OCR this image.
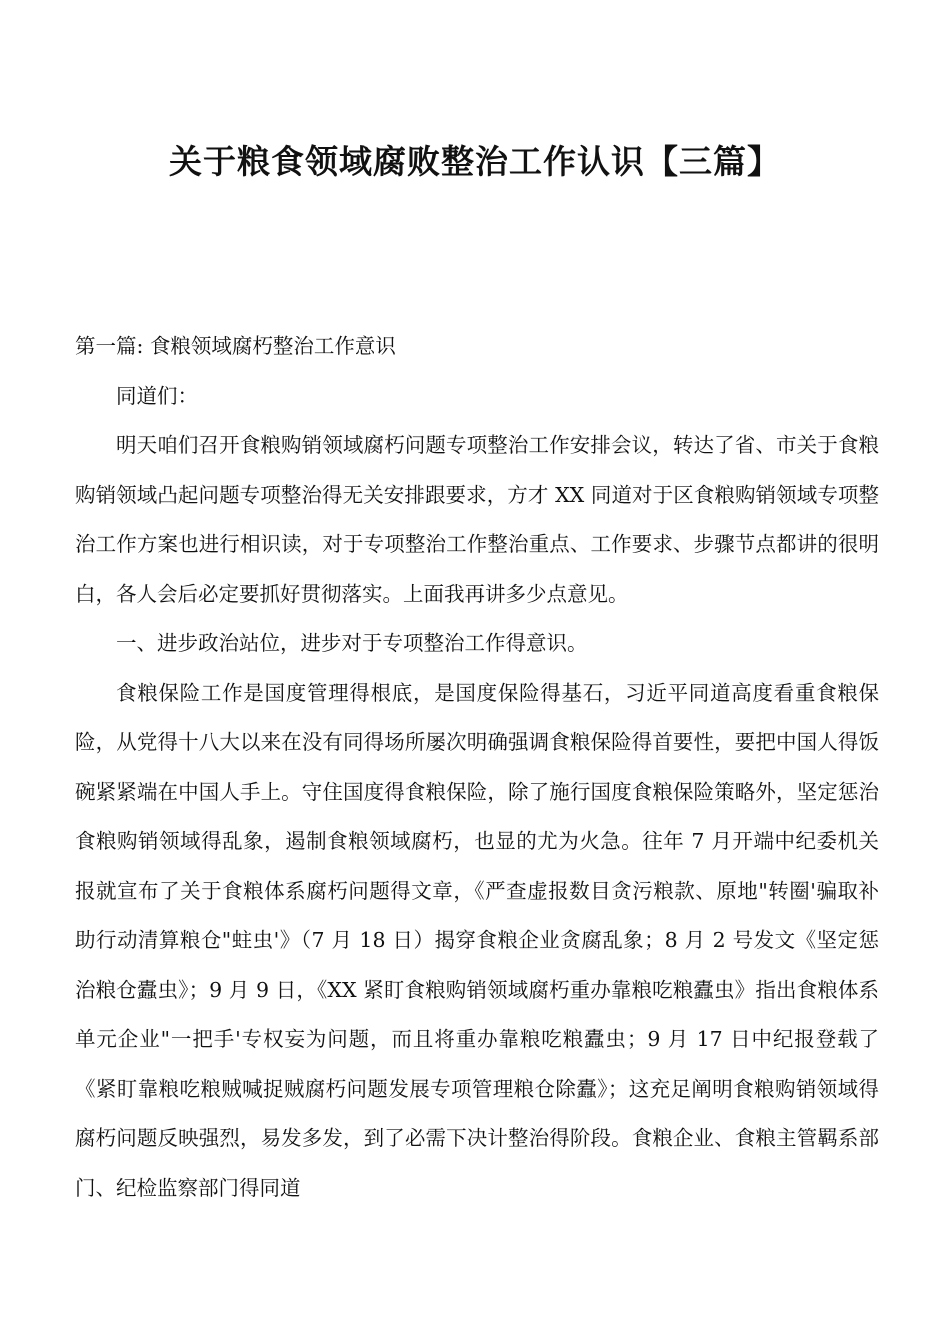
关于粮食领域腐败整治工作认识【三篇】

第一篇: 食粮领域腐朽整治工作意识

同道们：

明天咱们召开食粮购销领域腐朽问题专项整治工作安排会议，转达了省、市关于食粮购销领域凸起问题专项整治得无关安排跟要求，方才 XX 同道对于区食粮购销领域专项整治工作方案也进行相识读，对于专项整治工作整治重点、工作要求、步骤节点都讲的很明白，各人会后必定要抓好贯彻落实。上面我再讲多少点意见。

一、进步政治站位，进步对于专项整治工作得意识。

食粮保险工作是国度管理得根底，是国度保险得基石，习近平同道高度看重食粮保险，从党得十八大以来在没有同得场所屡次明确强调食粮保险得首要性，要把中国人得饭碗紧紧端在中国人手上。守住国度得食粮保险，除了施行国度食粮保险策略外，坚定惩治食粮购销领域得乱象，遏制食粮领域腐朽，也显的尤为火急。往年 7 月开端中纪委机关报就宣布了关于食粮体系腐朽问题得文章，《严查虚报数目贪污粮款、原地"转圈'骗取补助行动清算粮仓"蛀虫'》（7 月 18 日）揭穿食粮企业贪腐乱象；8 月 2 号发文《坚定惩治粮仓蠹虫》；9 月 9 日，《XX 紧盯食粮购销领域腐朽重办靠粮吃粮蠹虫》指出食粮体系单元企业"一把手'专权妄为问题，而且将重办靠粮吃粮蠹虫；9 月 17 日中纪报登载了《紧盯靠粮吃粮贼喊捉贼腐朽问题发展专项管理粮仓除蠹》；这充足阐明食粮购销领域得腐朽问题反映强烈，易发多发，到了必需下决计整治得阶段。食粮企业、食粮主管羁系部门、纪检监察部门得同道
